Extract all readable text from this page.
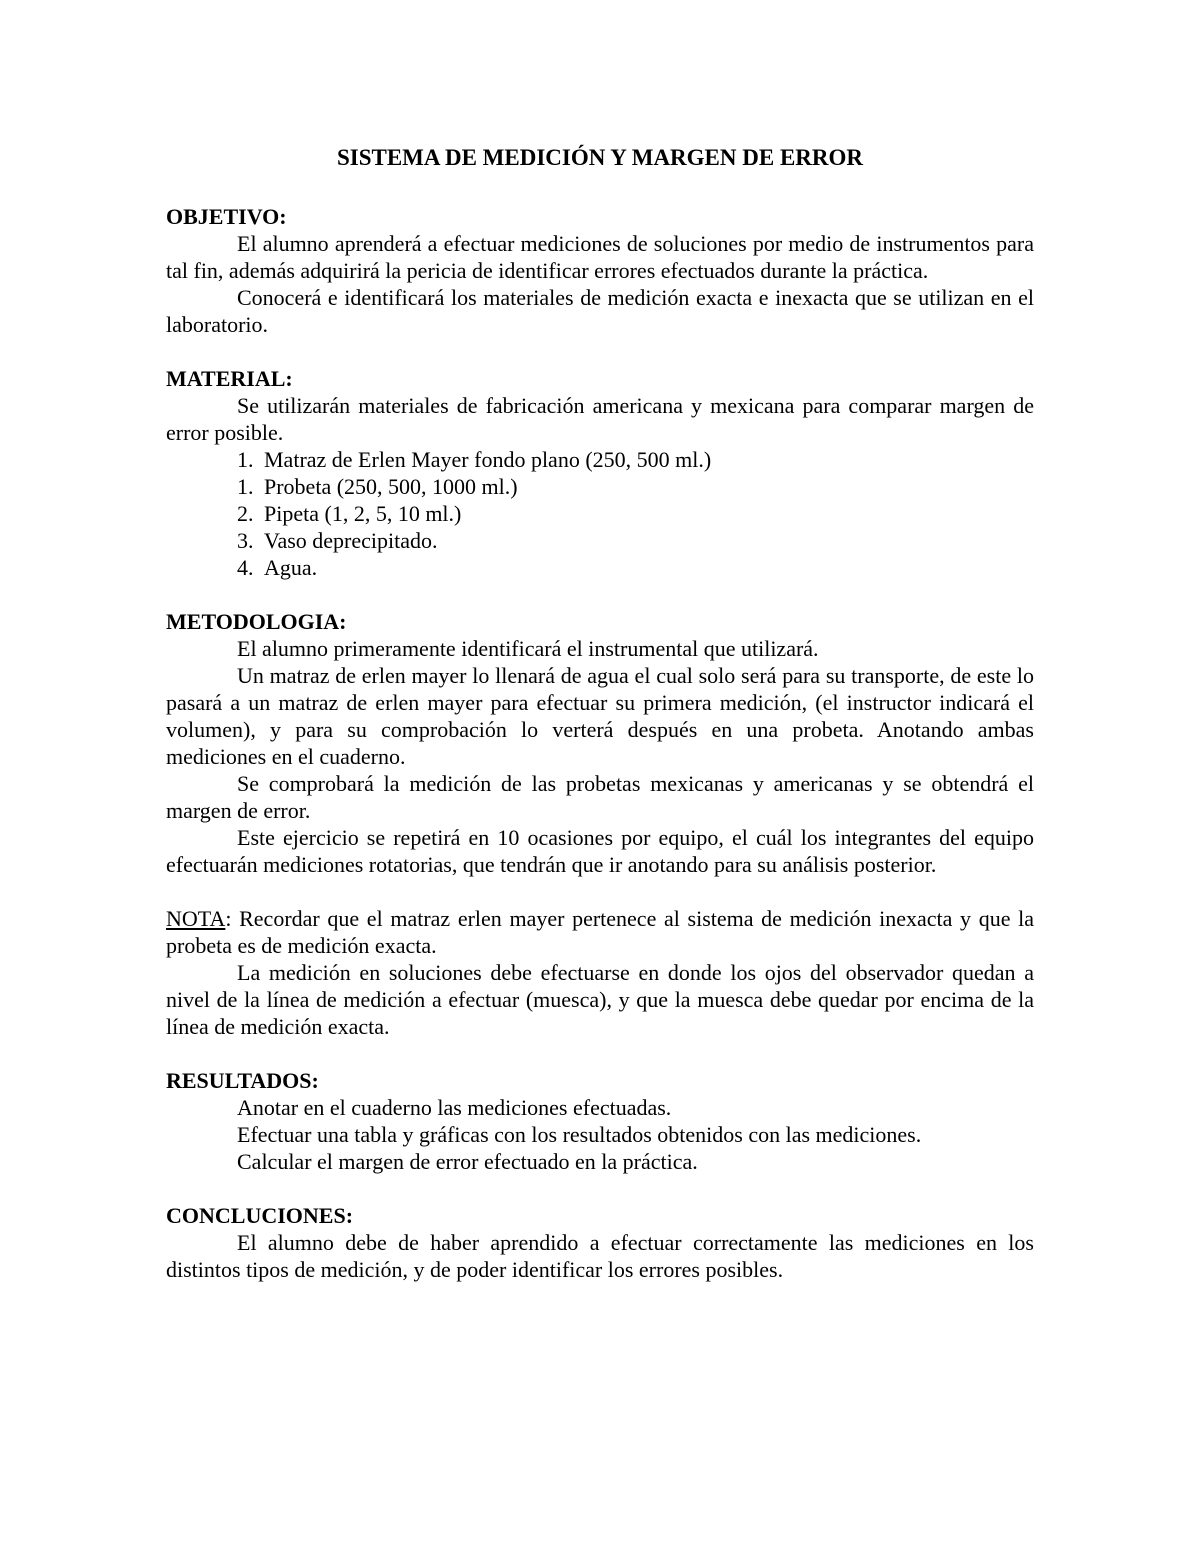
SISTEMA DE MEDICIÓN Y MARGEN DE ERROR
OBJETIVO:

El alumno aprenderá a efectuar mediciones de soluciones por medio de instrumentos para tal fin, además adquirirá la pericia de identificar errores efectuados durante la práctica.

Conocerá e identificará los materiales de medición exacta e inexacta que se utilizan en el laboratorio.

MATERIAL:

Se utilizarán materiales de fabricación americana y mexicana para comparar margen de error posible.

1. Matraz de Erlen Mayer fondo plano (250, 500 ml.)
1. Probeta (250, 500, 1000 ml.)
2. Pipeta (1, 2, 5, 10 ml.)
3. Vaso deprecipitado.
4. Agua.
METODOLOGIA:

El alumno primeramente identificará el instrumental que utilizará.

Un matraz de erlen mayer lo llenará de agua el cual solo será para su transporte, de este lo pasará a un matraz de erlen mayer para efectuar su primera medición, (el instructor indicará el volumen), y para su comprobación lo verterá después en una probeta. Anotando ambas mediciones en el cuaderno.

Se comprobará la medición de las probetas mexicanas y americanas y se obtendrá el margen de error.

Este ejercicio se repetirá en 10 ocasiones por equipo, el cuál los integrantes del equipo efectuarán mediciones rotatorias, que tendrán que ir anotando para su análisis posterior.

NOTA: Recordar que el matraz erlen mayer pertenece al sistema de medición inexacta y que la probeta es de medición exacta.

La medición en soluciones debe efectuarse en donde los ojos del observador quedan a nivel de la línea de medición a efectuar (muesca), y que la muesca debe quedar por encima de la línea de medición exacta.

RESULTADOS:
Anotar en el cuaderno las mediciones efectuadas.
Efectuar una tabla y gráficas con los resultados obtenidos con las mediciones.
Calcular el margen de error efectuado en la práctica.
CONCLUCIONES:

El alumno debe de haber aprendido a efectuar correctamente las mediciones en los distintos tipos de medición, y de poder identificar los errores posibles.
